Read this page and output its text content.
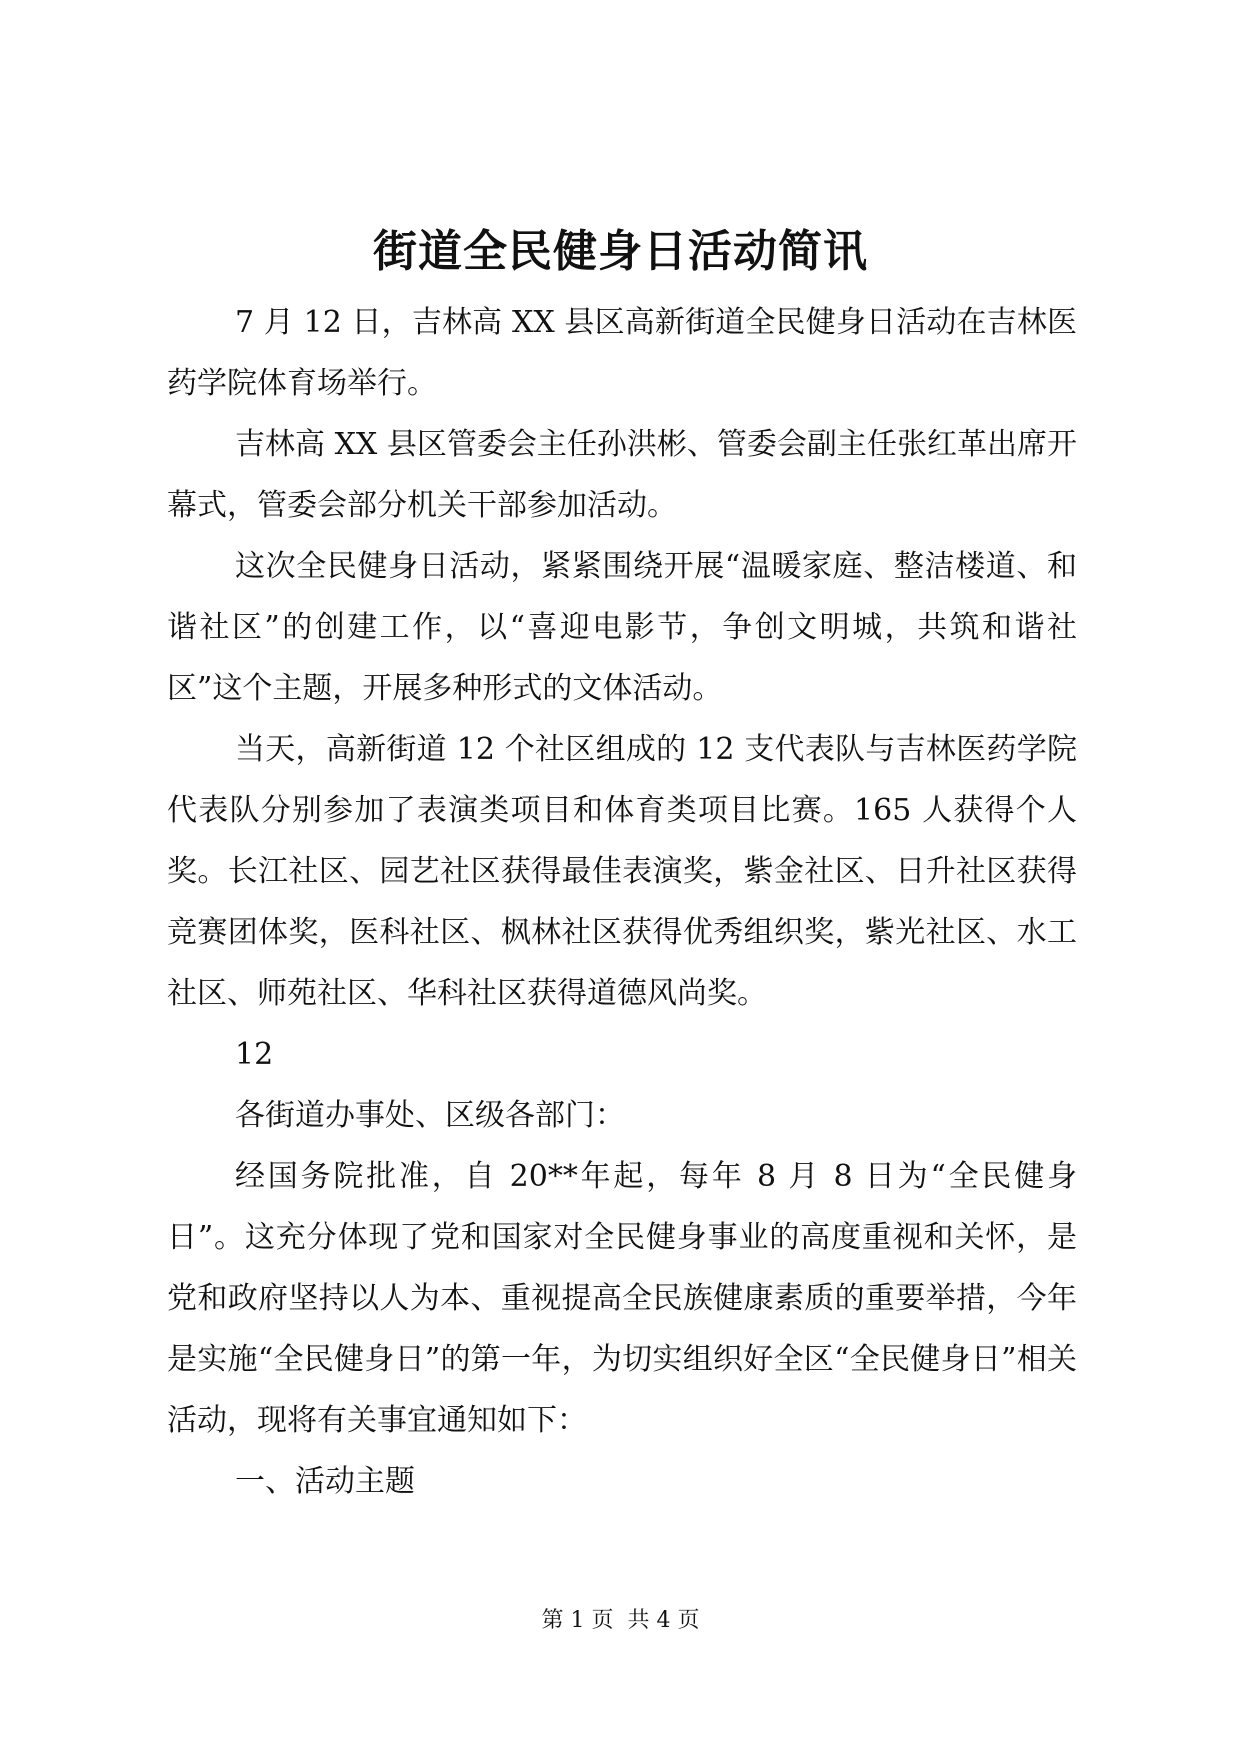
街道全民健身日活动简讯

7 月 12 日，吉林高 XX 县区高新街道全民健身日活动在吉林医药学院体育场举行。

吉林高 XX 县区管委会主任孙洪彬、管委会副主任张红革出席开幕式，管委会部分机关干部参加活动。

这次全民健身日活动，紧紧围绕开展“温暖家庭、整洁楼道、和谐社区”的创建工作，以“喜迎电影节，争创文明城，共筑和谐社区”这个主题，开展多种形式的文体活动。

当天，高新街道 12 个社区组成的 12 支代表队与吉林医药学院代表队分别参加了表演类项目和体育类项目比赛。165 人获得个人奖。长江社区、园艺社区获得最佳表演奖，紫金社区、日升社区获得竞赛团体奖，医科社区、枫林社区获得优秀组织奖，紫光社区、水工社区、师苑社区、华科社区获得道德风尚奖。

12

各街道办事处、区级各部门：

经国务院批准，自 20**年起，每年 8 月 8 日为“全民健身日”。这充分体现了党和国家对全民健身事业的高度重视和关怀，是党和政府坚持以人为本、重视提高全民族健康素质的重要举措，今年是实施“全民健身日”的第一年，为切实组织好全区“全民健身日”相关活动，现将有关事宜通知如下：

一、活动主题

第 1 页 共 4 页
